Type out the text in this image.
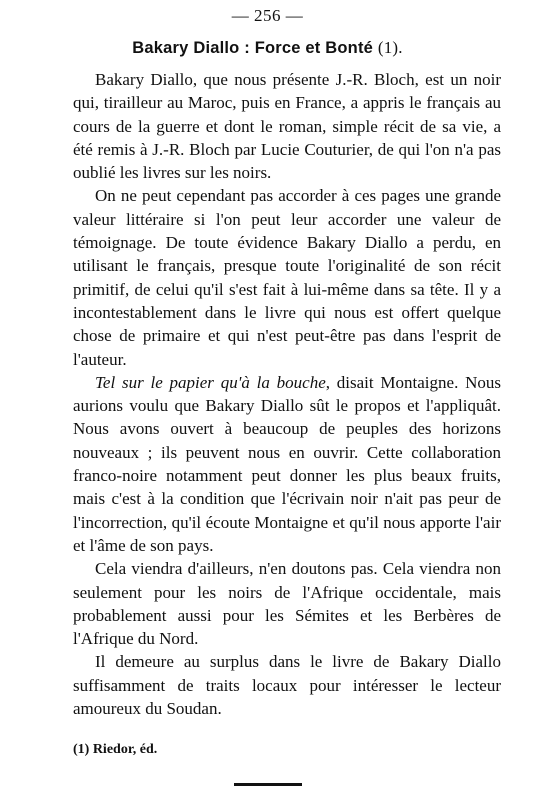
— 256 —
Bakary Diallo : Force et Bonté (1).

Bakary Diallo, que nous présente J.-R. Bloch, est un noir qui, tirailleur au Maroc, puis en France, a appris le français au cours de la guerre et dont le roman, simple récit de sa vie, a été remis à J.-R. Bloch par Lucie Couturier, de qui l'on n'a pas oublié les livres sur les noirs.

On ne peut cependant pas accorder à ces pages une grande valeur littéraire si l'on peut leur accorder une valeur de témoignage. De toute évidence Bakary Diallo a perdu, en utilisant le français, presque toute l'originalité de son récit primitif, de celui qu'il s'est fait à lui-même dans sa tête. Il y a incontestablement dans le livre qui nous est offert quelque chose de primaire et qui n'est peut-être pas dans l'esprit de l'auteur.

Tel sur le papier qu'à la bouche, disait Montaigne. Nous aurions voulu que Bakary Diallo sût le propos et l'appliquât. Nous avons ouvert à beaucoup de peuples des horizons nouveaux ; ils peuvent nous en ouvrir. Cette collaboration franco-noire notamment peut donner les plus beaux fruits, mais c'est à la condition que l'écrivain noir n'ait pas peur de l'incorrection, qu'il écoute Montaigne et qu'il nous apporte l'air et l'âme de son pays.

Cela viendra d'ailleurs, n'en doutons pas. Cela viendra non seulement pour les noirs de l'Afrique occidentale, mais probablement aussi pour les Sémites et les Berbères de l'Afrique du Nord.

Il demeure au surplus dans le livre de Bakary Diallo suffisamment de traits locaux pour intéresser le lecteur amoureux du Soudan.

(1) Riedor, éd.
